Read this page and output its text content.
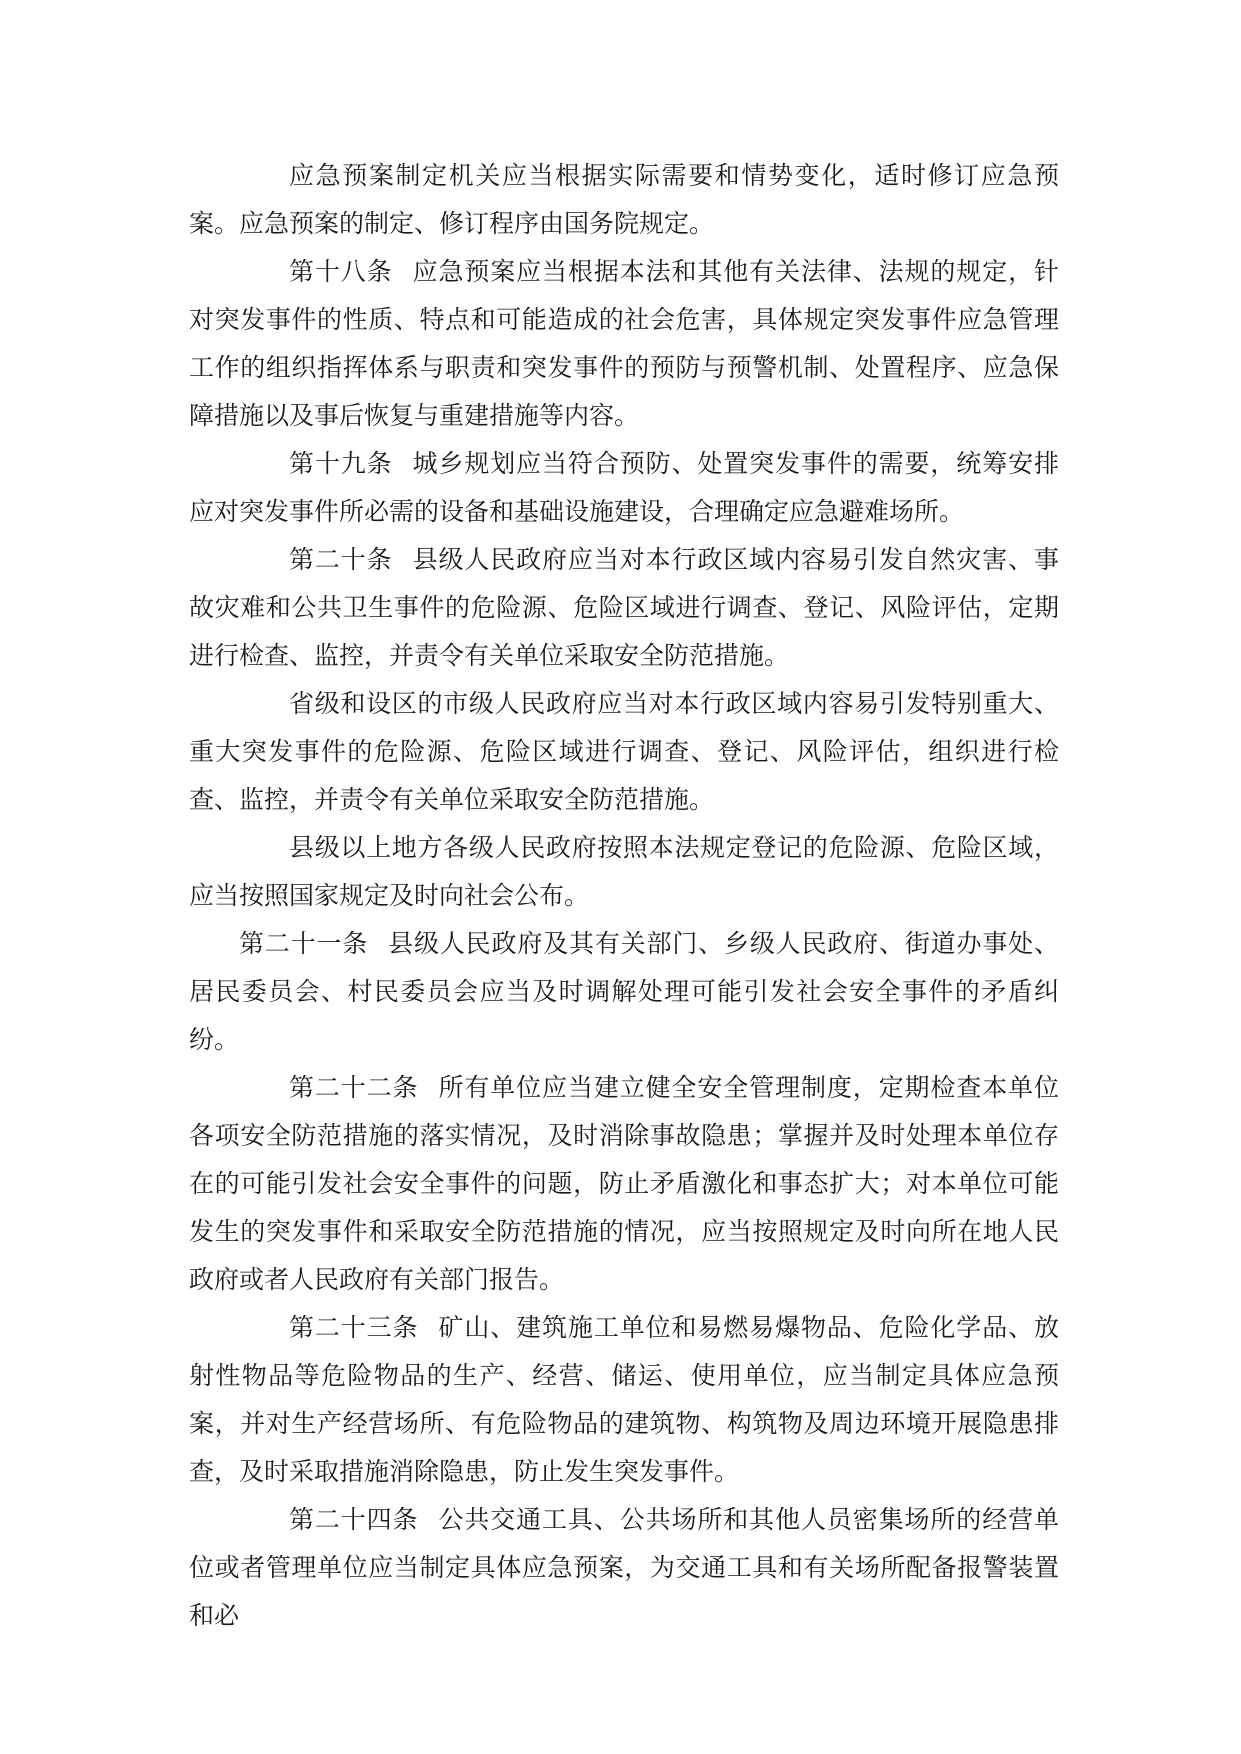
应急预案制定机关应当根据实际需要和情势变化，适时修订应急预案。应急预案的制定、修订程序由国务院规定。

第十八条 应急预案应当根据本法和其他有关法律、法规的规定，针对突发事件的性质、特点和可能造成的社会危害，具体规定突发事件应急管理工作的组织指挥体系与职责和突发事件的预防与预警机制、处置程序、应急保障措施以及事后恢复与重建措施等内容。

第十九条 城乡规划应当符合预防、处置突发事件的需要，统筹安排应对突发事件所必需的设备和基础设施建设，合理确定应急避难场所。

第二十条 县级人民政府应当对本行政区域内容易引发自然灾害、事故灾难和公共卫生事件的危险源、危险区域进行调查、登记、风险评估，定期进行检查、监控，并责令有关单位采取安全防范措施。

省级和设区的市级人民政府应当对本行政区域内容易引发特别重大、重大突发事件的危险源、危险区域进行调查、登记、风险评估，组织进行检查、监控，并责令有关单位采取安全防范措施。

县级以上地方各级人民政府按照本法规定登记的危险源、危险区域，应当按照国家规定及时向社会公布。

第二十一条 县级人民政府及其有关部门、乡级人民政府、街道办事处、居民委员会、村民委员会应当及时调解处理可能引发社会安全事件的矛盾纠纷。

第二十二条 所有单位应当建立健全安全管理制度，定期检查本单位各项安全防范措施的落实情况，及时消除事故隐患；掌握并及时处理本单位存在的可能引发社会安全事件的问题，防止矛盾激化和事态扩大；对本单位可能发生的突发事件和采取安全防范措施的情况，应当按照规定及时向所在地人民政府或者人民政府有关部门报告。

第二十三条 矿山、建筑施工单位和易燃易爆物品、危险化学品、放射性物品等危险物品的生产、经营、储运、使用单位，应当制定具体应急预案，并对生产经营场所、有危险物品的建筑物、构筑物及周边环境开展隐患排查，及时采取措施消除隐患，防止发生突发事件。

第二十四条 公共交通工具、公共场所和其他人员密集场所的经营单位或者管理单位应当制定具体应急预案，为交通工具和有关场所配备报警装置和必
